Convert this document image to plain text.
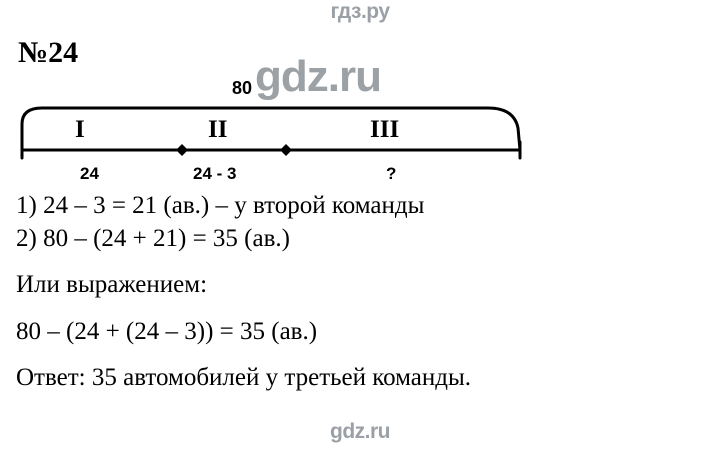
гдз.ру
№24	gdz.ru
80
I	II	III
24	24 - 3	?
1) 24 – 3 = 21 (ав.) – у второй команды
2) 80 – (24 + 21) = 35 (ав.)
Или выражением:
80 – (24 + (24 – 3)) = 35 (ав.)
Ответ: 35 автомобилей у третьей команды.
gdz.ru
